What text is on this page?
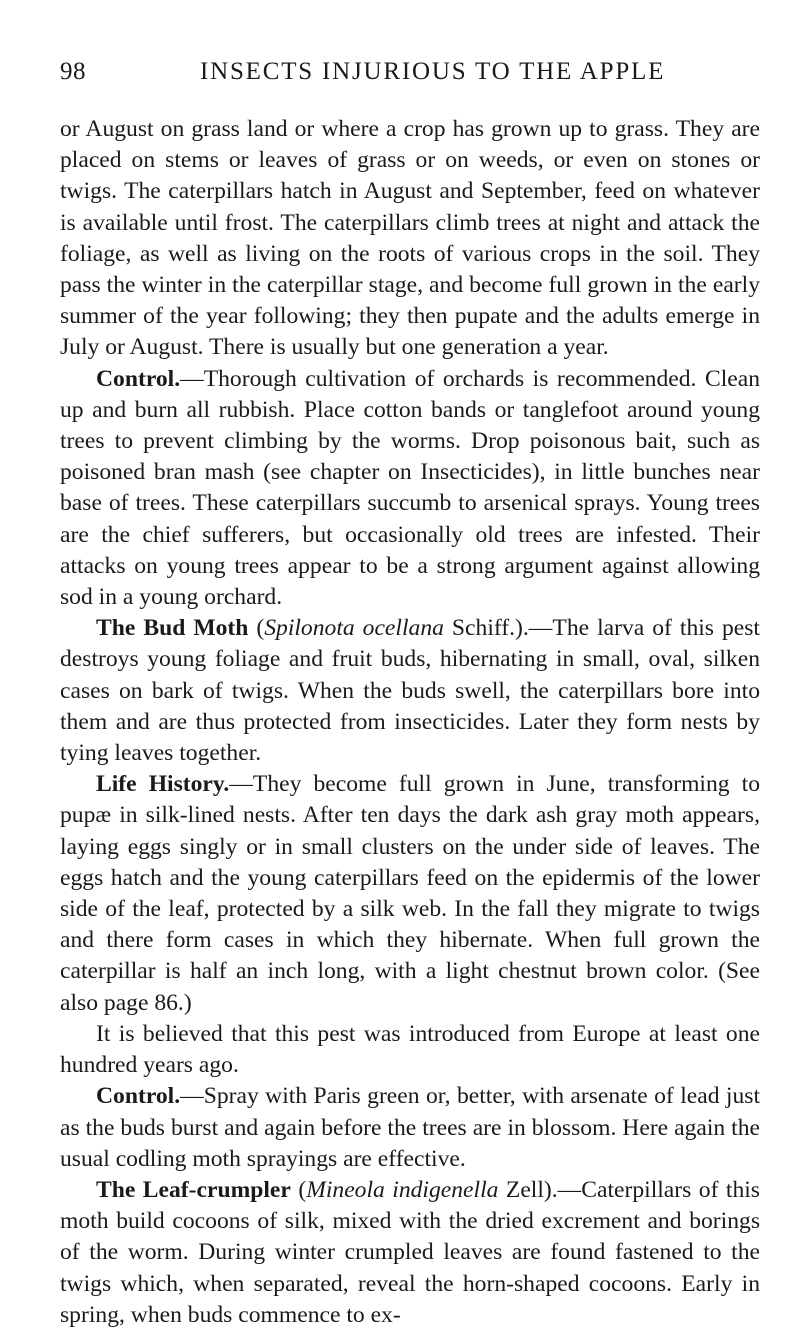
98	INSECTS INJURIOUS TO THE APPLE

or August on grass land or where a crop has grown up to grass. They are placed on stems or leaves of grass or on weeds, or even on stones or twigs. The caterpillars hatch in August and September, feed on whatever is available until frost. The caterpillars climb trees at night and attack the foliage, as well as living on the roots of various crops in the soil. They pass the winter in the caterpillar stage, and become full grown in the early summer of the year following; they then pupate and the adults emerge in July or August. There is usually but one generation a year.

Control.—Thorough cultivation of orchards is recommended. Clean up and burn all rubbish. Place cotton bands or tanglefoot around young trees to prevent climbing by the worms. Drop poisonous bait, such as poisoned bran mash (see chapter on Insecticides), in little bunches near base of trees. These caterpillars succumb to arsenical sprays. Young trees are the chief sufferers, but occasionally old trees are infested. Their attacks on young trees appear to be a strong argument against allowing sod in a young orchard.

The Bud Moth (Spilonota ocellana Schiff.).—The larva of this pest destroys young foliage and fruit buds, hibernating in small, oval, silken cases on bark of twigs. When the buds swell, the caterpillars bore into them and are thus protected from insecticides. Later they form nests by tying leaves together.

Life History.—They become full grown in June, transforming to pupæ in silk-lined nests. After ten days the dark ash gray moth appears, laying eggs singly or in small clusters on the under side of leaves. The eggs hatch and the young caterpillars feed on the epidermis of the lower side of the leaf, protected by a silk web. In the fall they migrate to twigs and there form cases in which they hibernate. When full grown the caterpillar is half an inch long, with a light chestnut brown color. (See also page 86.)

It is believed that this pest was introduced from Europe at least one hundred years ago.

Control.—Spray with Paris green or, better, with arsenate of lead just as the buds burst and again before the trees are in blossom. Here again the usual codling moth sprayings are effective.

The Leaf-crumpler (Mineola indigenella Zell).—Caterpillars of this moth build cocoons of silk, mixed with the dried excrement and borings of the worm. During winter crumpled leaves are found fastened to the twigs which, when separated, reveal the horn-shaped cocoons. Early in spring, when buds commence to ex-
